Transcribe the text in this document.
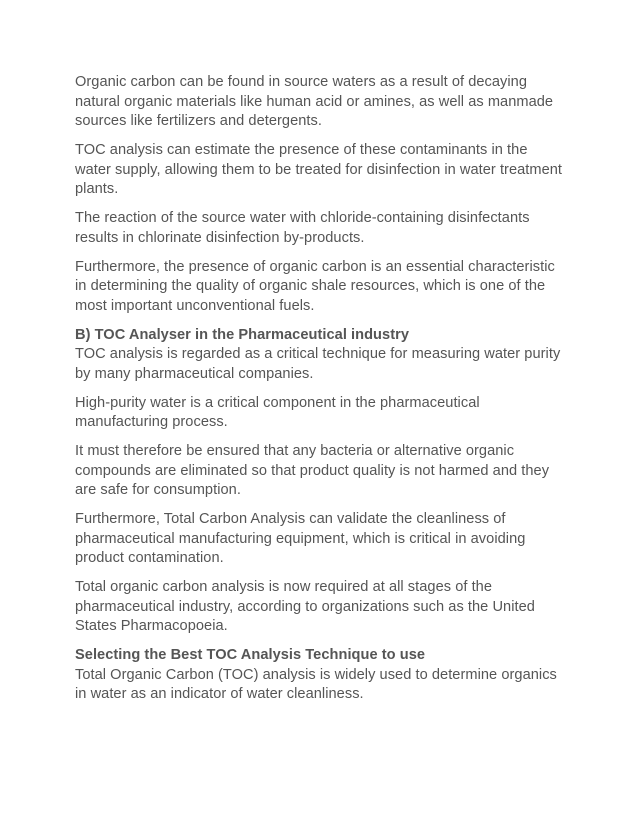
Organic carbon can be found in source waters as a result of decaying natural organic materials like human acid or amines, as well as manmade sources like fertilizers and detergents.

TOC analysis can estimate the presence of these contaminants in the water supply, allowing them to be treated for disinfection in water treatment plants.

The reaction of the source water with chloride-containing disinfectants results in chlorinate disinfection by-products.

Furthermore, the presence of organic carbon is an essential characteristic in determining the quality of organic shale resources, which is one of the most important unconventional fuels.

B) TOC Analyser in the Pharmaceutical industry

TOC analysis is regarded as a critical technique for measuring water purity by many pharmaceutical companies.

High-purity water is a critical component in the pharmaceutical manufacturing process.

It must therefore be ensured that any bacteria or alternative organic compounds are eliminated so that product quality is not harmed and they are safe for consumption.

Furthermore, Total Carbon Analysis can validate the cleanliness of pharmaceutical manufacturing equipment, which is critical in avoiding product contamination.

Total organic carbon analysis is now required at all stages of the pharmaceutical industry, according to organizations such as the United States Pharmacopoeia.

Selecting the Best TOC Analysis Technique to use

Total Organic Carbon (TOC) analysis is widely used to determine organics in water as an indicator of water cleanliness.
